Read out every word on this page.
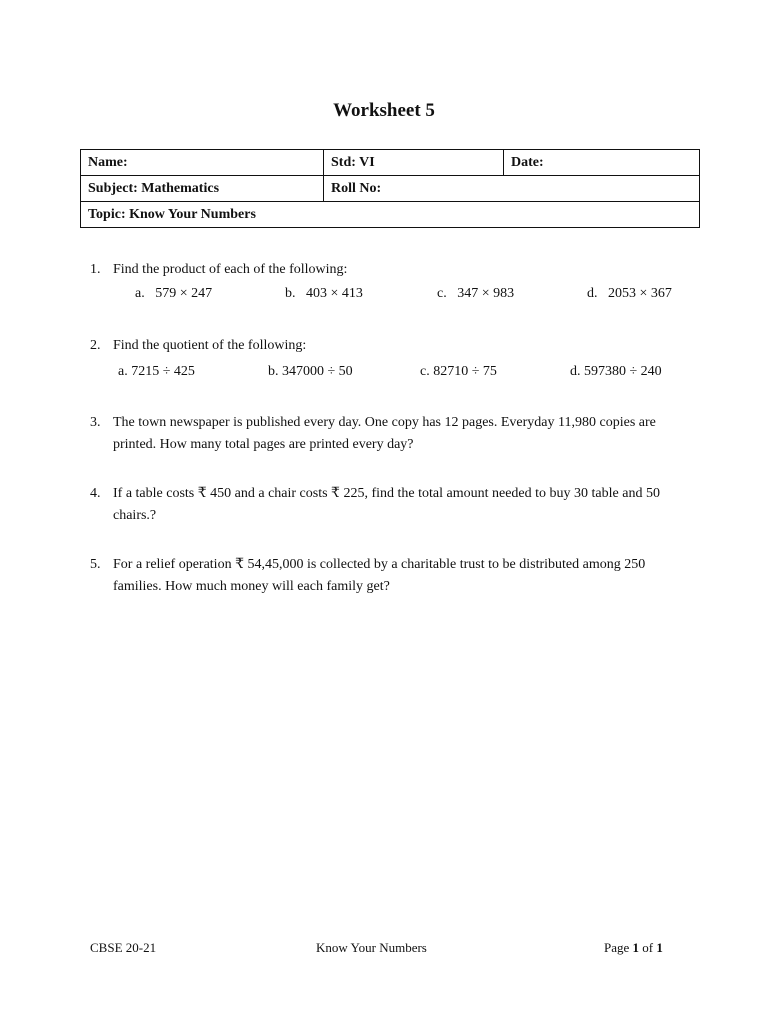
Worksheet 5
Name:	Std: VI	Date:
Subject: Mathematics	Roll No:	
Topic: Know Your Numbers		
1. Find the product of each of the following:
a. 579 × 247	b. 403 × 413	c. 347 × 983	d. 2053 × 367
2. Find the quotient of the following:
a. 7215 ÷ 425	b. 347000 ÷ 50	c. 82710 ÷ 75	d. 597380 ÷ 240
3. The town newspaper is published every day. One copy has 12 pages. Everyday 11,980 copies are printed. How many total pages are printed every day?
4. If a table costs ₹ 450 and a chair costs ₹ 225, find the total amount needed to buy 30 table and 50 chairs.?
5. For a relief operation ₹ 54,45,000 is collected by a charitable trust to be distributed among 250 families. How much money will each family get?
CBSE 20-21	Know Your Numbers	Page 1 of 1
